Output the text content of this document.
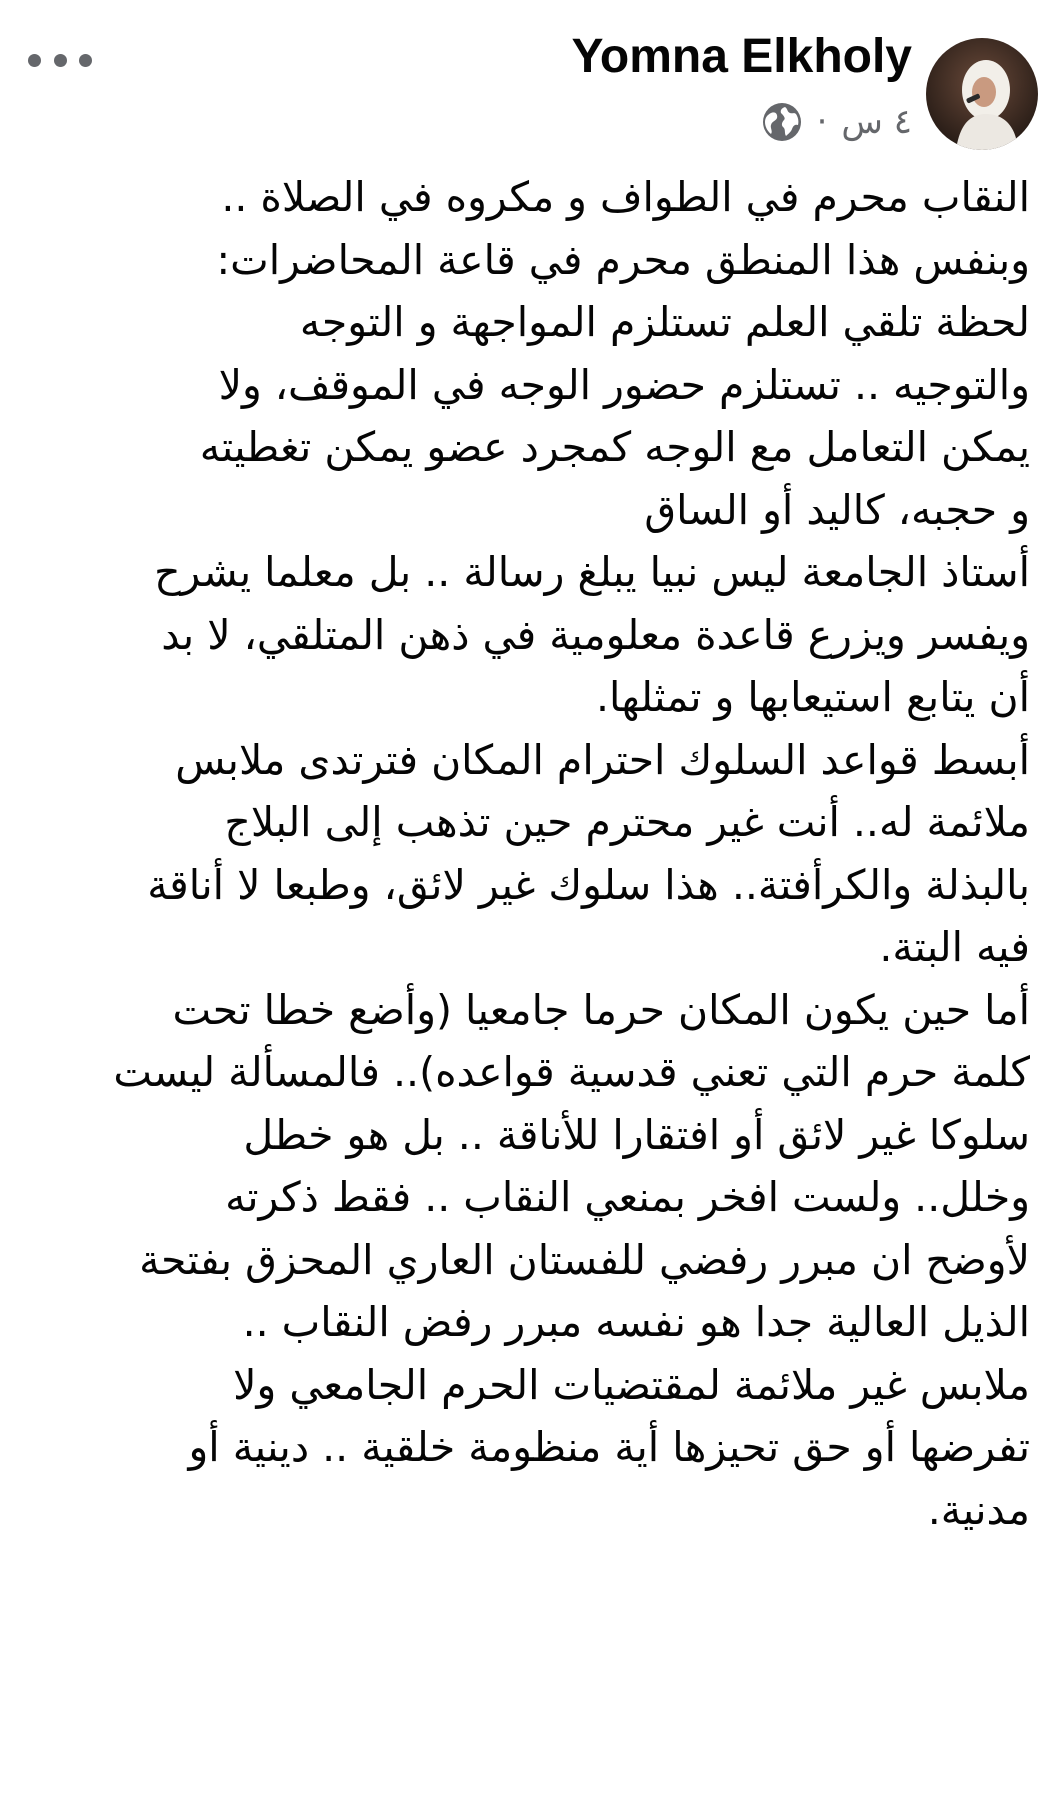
Yomna Elkholy
٤ س
·
النقاب محرم في الطواف و مكروه في الصلاة ..
وبنفس هذا المنطق محرم في قاعة المحاضرات:
لحظة تلقي العلم تستلزم المواجهة و التوجه
والتوجيه .. تستلزم حضور الوجه في الموقف، ولا
يمكن التعامل مع الوجه كمجرد عضو يمكن تغطيته
و حجبه، كاليد أو الساق
أستاذ الجامعة ليس نبيا يبلغ رسالة .. بل معلما يشرح
ويفسر ويزرع قاعدة معلومية في ذهن المتلقي، لا بد
أن يتابع استيعابها و تمثلها.
أبسط قواعد السلوك احترام المكان فترتدى ملابس
ملائمة له.. أنت غير محترم حين تذهب إلى البلاج
بالبذلة والكرأفتة.. هذا سلوك غير لائق، وطبعا لا أناقة
فيه البتة.
أما حين يكون المكان حرما جامعيا (وأضع خطا تحت
كلمة حرم التي تعني قدسية قواعده).. فالمسألة ليست
سلوكا غير لائق أو افتقارا للأناقة .. بل هو خطل
وخلل.. ولست افخر بمنعي النقاب .. فقط ذكرته
لأوضح ان مبرر رفضي للفستان العاري المحزق بفتحة
الذيل العالية جدا هو نفسه مبرر رفض النقاب ..
ملابس غير ملائمة لمقتضيات الحرم الجامعي ولا
تفرضها أو حق تحيزها أية منظومة خلقية .. دينية أو
مدنية.
